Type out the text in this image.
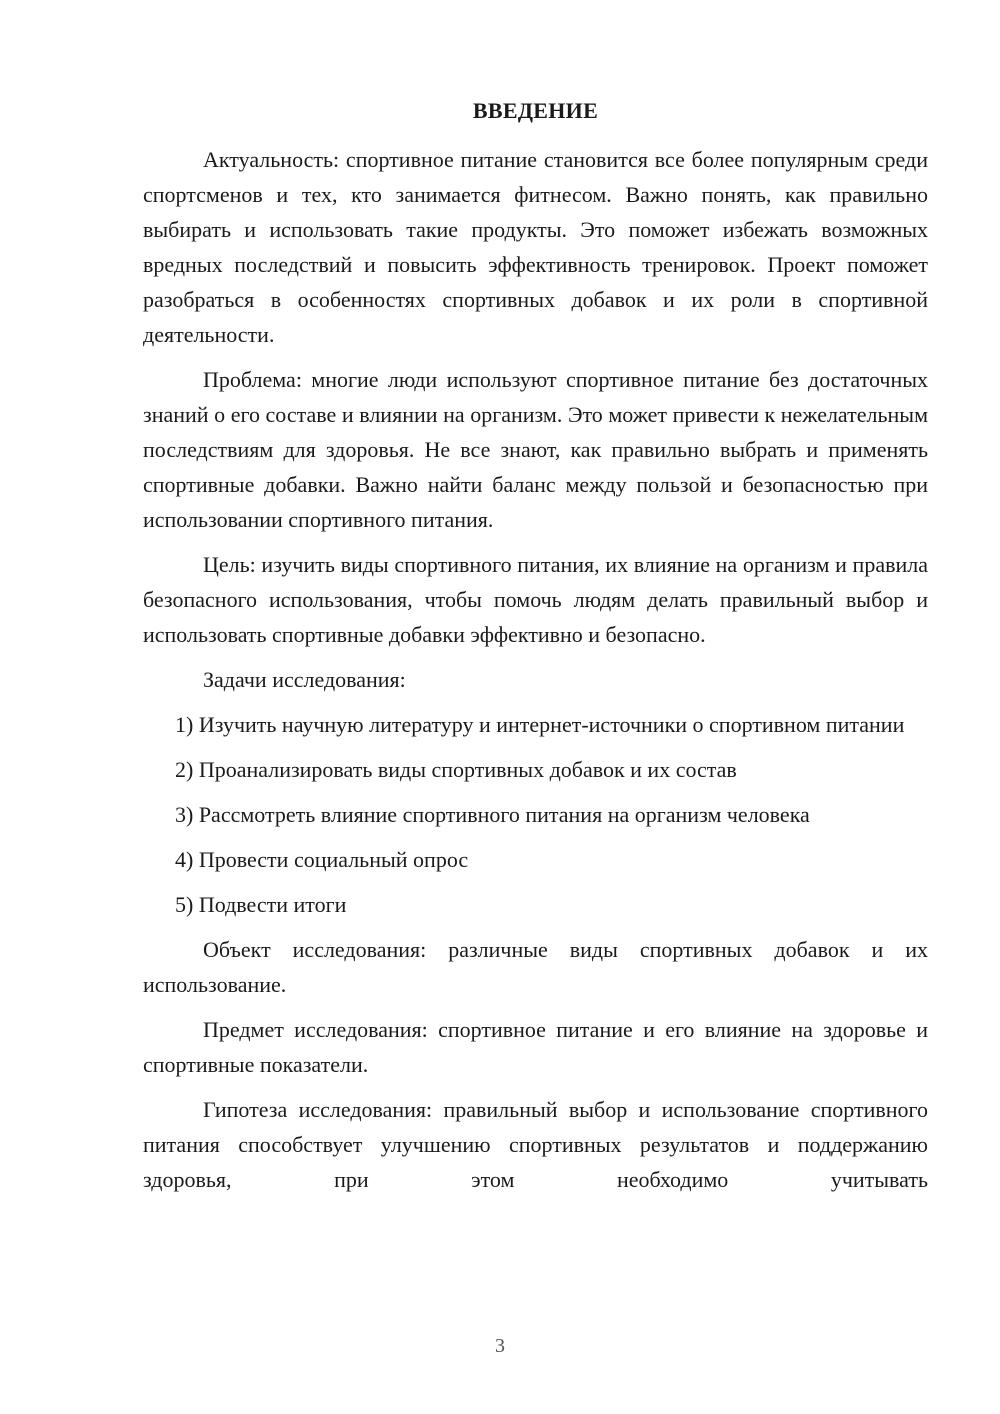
ВВЕДЕНИЕ

Актуальность: спортивное питание становится все более популярным среди спортсменов и тех, кто занимается фитнесом. Важно понять, как правильно выбирать и использовать такие продукты. Это поможет избежать возможных вредных последствий и повысить эффективность тренировок. Проект поможет разобраться в особенностях спортивных добавок и их роли в спортивной деятельности.

Проблема: многие люди используют спортивное питание без достаточных знаний о его составе и влиянии на организм. Это может привести к нежелательным последствиям для здоровья. Не все знают, как правильно выбрать и применять спортивные добавки. Важно найти баланс между пользой и безопасностью при использовании спортивного питания.

Цель: изучить виды спортивного питания, их влияние на организм и правила безопасного использования, чтобы помочь людям делать правильный выбор и использовать спортивные добавки эффективно и безопасно.

Задачи исследования:

1) Изучить научную литературу и интернет-источники о спортивном питании

2) Проанализировать виды спортивных добавок и их состав

3) Рассмотреть влияние спортивного питания на организм человека

4) Провести социальный опрос

5) Подвести итоги

Объект исследования: различные виды спортивных добавок и их использование.

Предмет исследования: спортивное питание и его влияние на здоровье и спортивные показатели.

Гипотеза исследования: правильный выбор и использование спортивного питания способствует улучшению спортивных результатов и поддержанию здоровья, при этом необходимо учитывать

3
